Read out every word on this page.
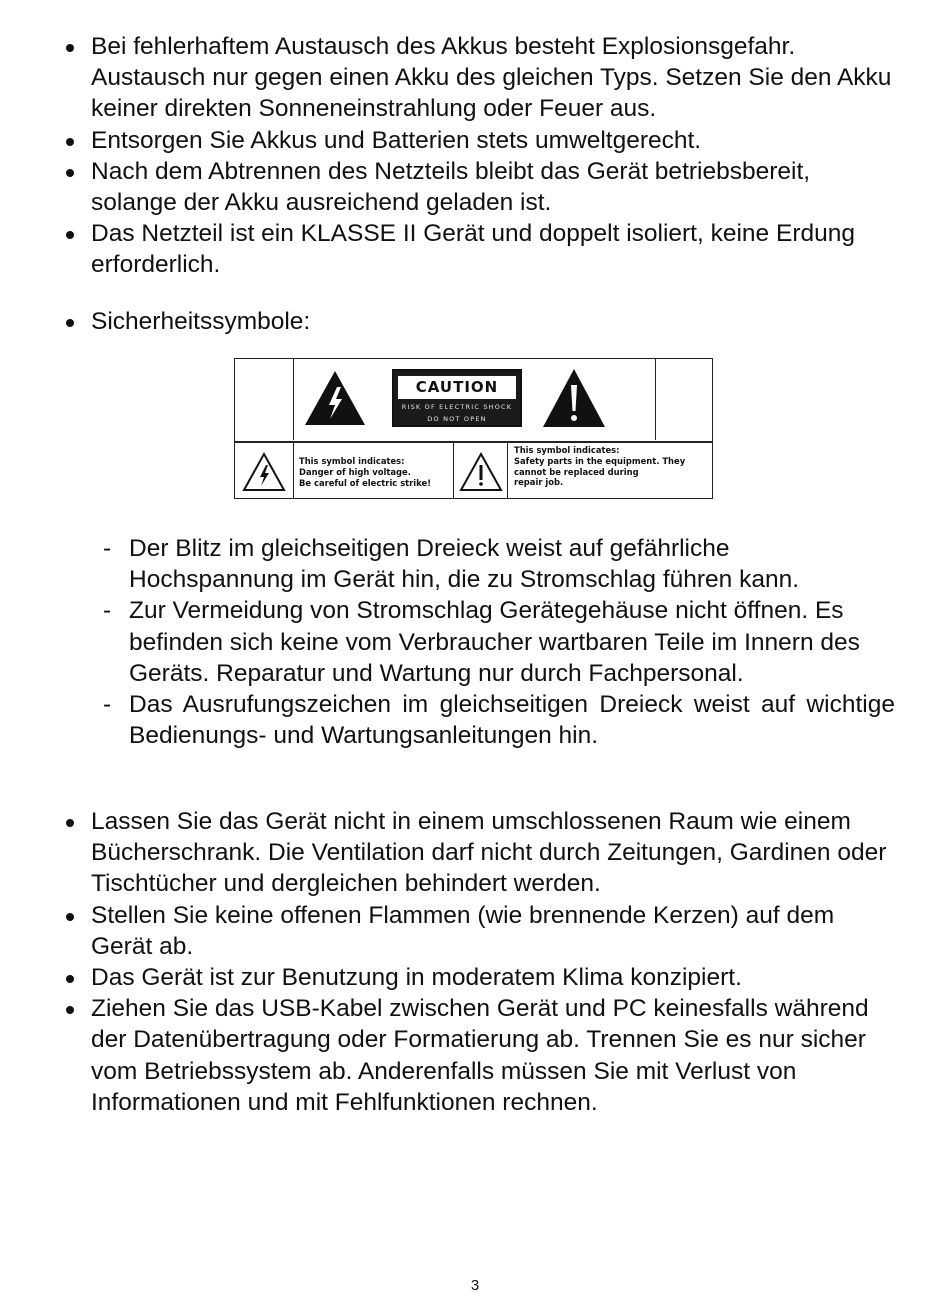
Bei fehlerhaftem Austausch des Akkus besteht Explosionsgefahr. Austausch nur gegen einen Akku des gleichen Typs. Setzen Sie den Akku keiner direkten Sonneneinstrahlung oder Feuer aus.
Entsorgen Sie Akkus und Batterien stets umweltgerecht.
Nach dem Abtrennen des Netzteils bleibt das Gerät betriebsbereit, solange der Akku ausreichend geladen ist.
Das Netzteil ist ein KLASSE II Gerät und doppelt isoliert, keine Erdung erforderlich.
Sicherheitssymbole:
CAUTION
RISK OF ELECTRIC SHOCK
DO NOT OPEN
This symbol indicates:
Danger of high voltage.
Be careful of electric strike!
This symbol indicates:
Safety parts in the equipment. They
cannot be replaced during
repair job.
- Der Blitz im gleichseitigen Dreieck weist auf gefährliche Hochspannung im Gerät hin, die zu Stromschlag führen kann.
- Zur Vermeidung von Stromschlag Gerätegehäuse nicht öffnen. Es befinden sich keine vom Verbraucher wartbaren Teile im Innern des Geräts. Reparatur und Wartung nur durch Fachpersonal.
- Das Ausrufungszeichen im gleichseitigen Dreieck weist auf wichtige Bedienungs- und Wartungsanleitungen hin.
Lassen Sie das Gerät nicht in einem umschlossenen Raum wie einem Bücherschrank. Die Ventilation darf nicht durch Zeitungen, Gardinen oder Tischtücher und dergleichen behindert werden.
Stellen Sie keine offenen Flammen (wie brennende Kerzen) auf dem Gerät ab.
Das Gerät ist zur Benutzung in moderatem Klima konzipiert.
Ziehen Sie das USB-Kabel zwischen Gerät und PC keinesfalls während der Datenübertragung oder Formatierung ab. Trennen Sie es nur sicher vom Betriebssystem ab. Anderenfalls müssen Sie mit Verlust von Informationen und mit Fehlfunktionen rechnen.
3
